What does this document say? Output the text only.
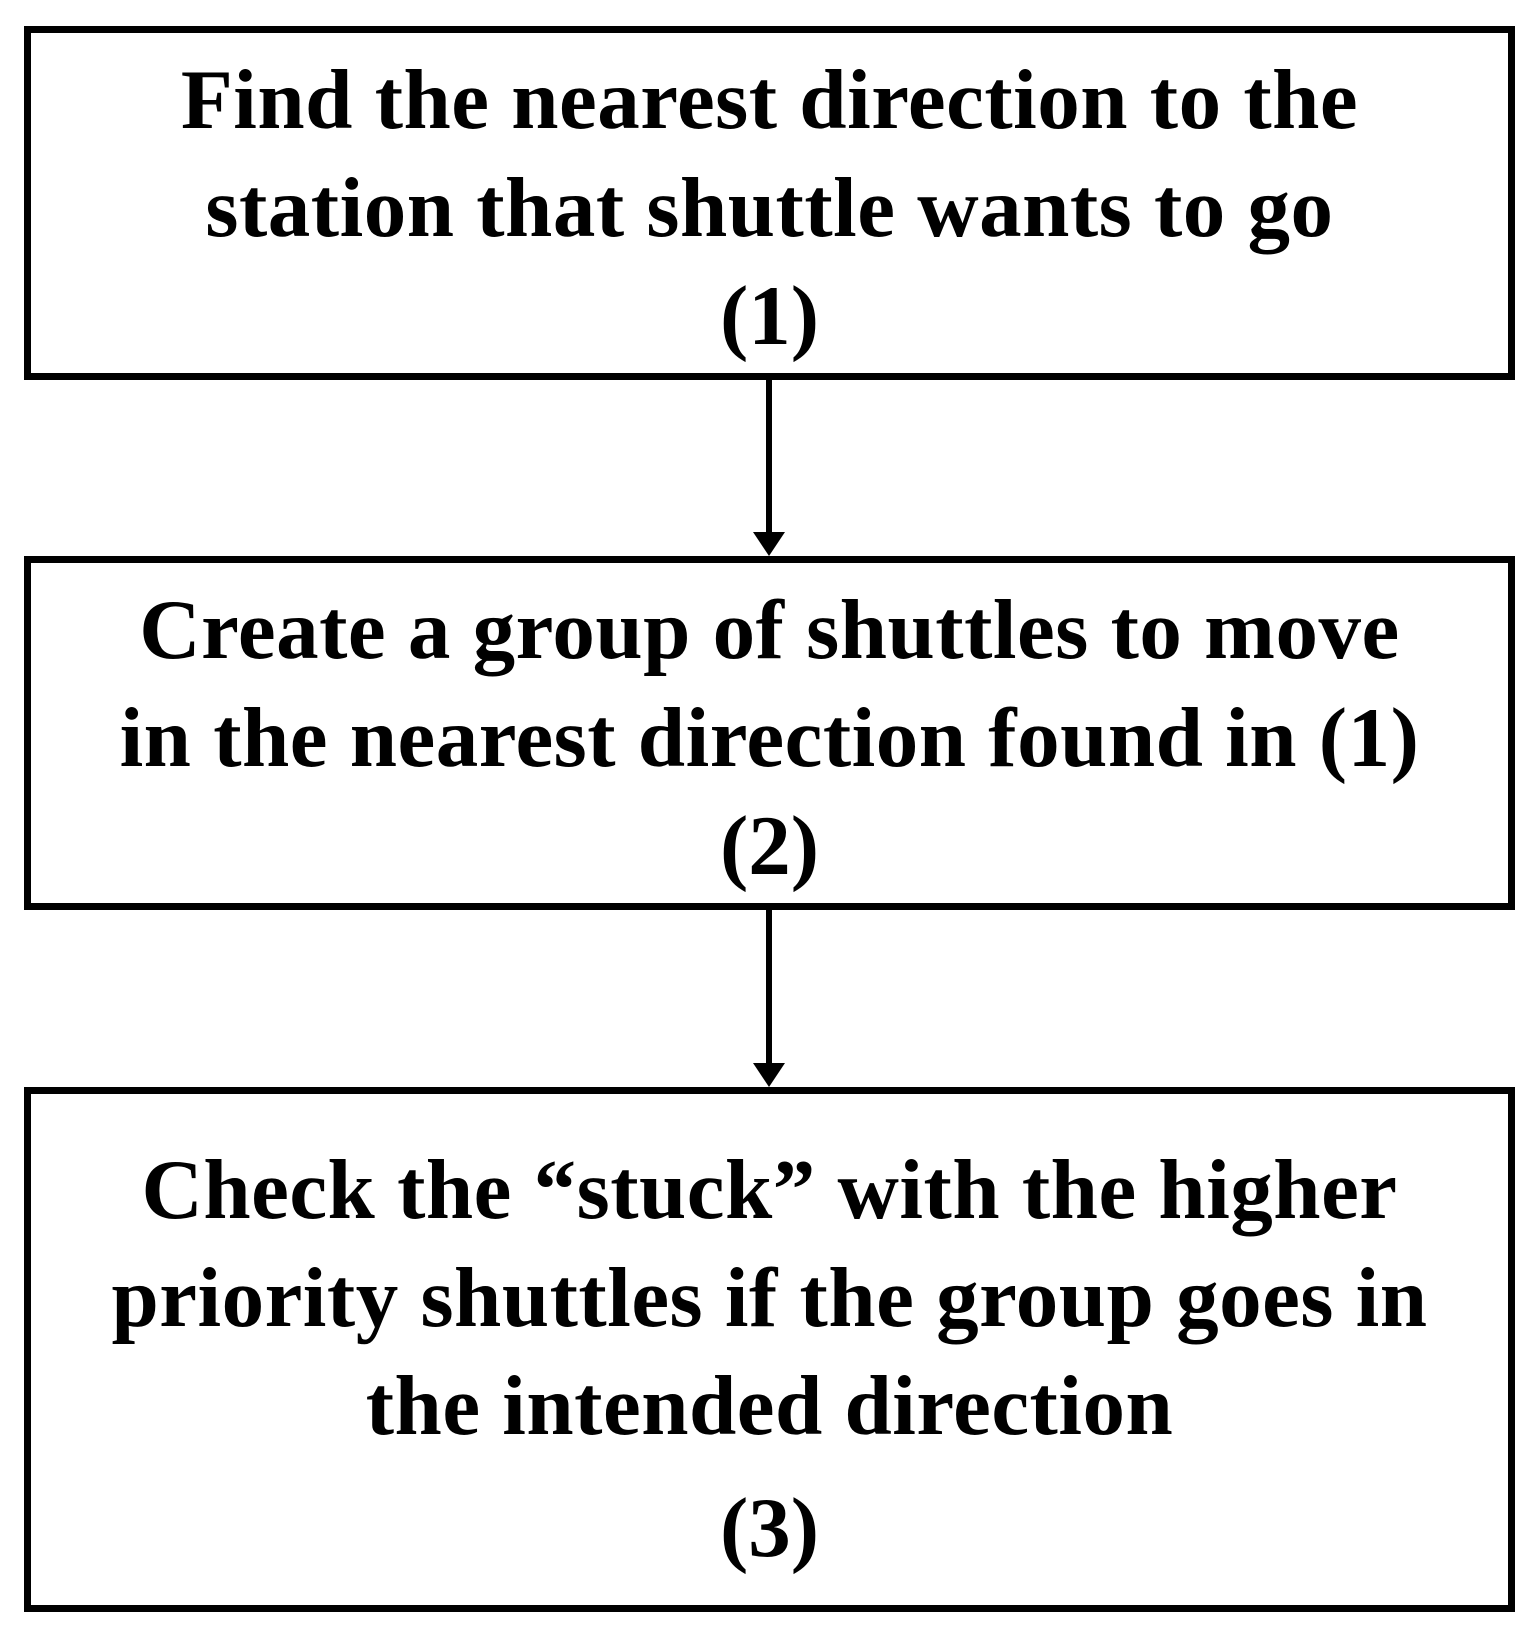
Find the nearest direction to the
station that shuttle wants to go
(1)
Create a group of shuttles to move
in the nearest direction found in (1)
(2)
Check the “stuck” with the higher
priority shuttles if the group goes in
the intended direction
(3)
